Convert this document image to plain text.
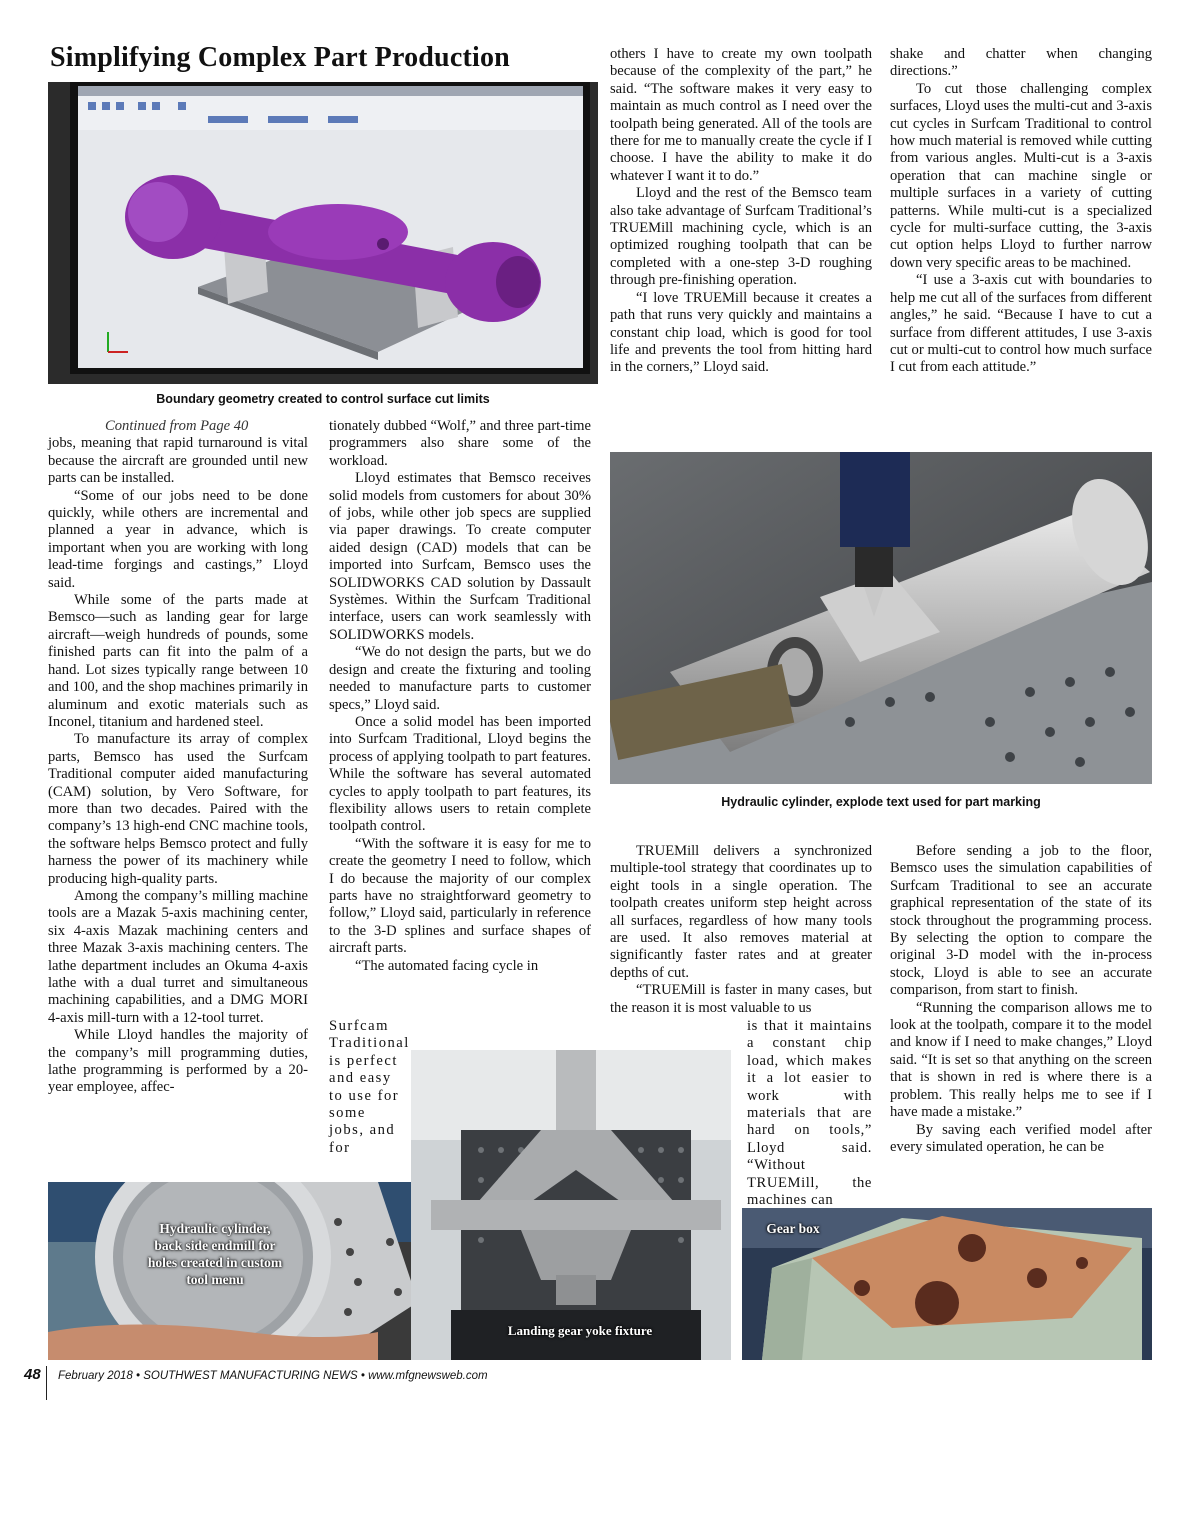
Simplifying Complex Part Production
Boundary geometry created to control surface cut limits

Continued from Page 40

jobs, meaning that rapid turnaround is vital because the aircraft are grounded until new parts can be installed.

“Some of our jobs need to be done quickly, while others are incremental and planned a year in advance, which is important when you are working with long lead-time forgings and castings,” Lloyd said.

While some of the parts made at Bemsco—such as landing gear for large aircraft—weigh hundreds of pounds, some finished parts can fit into the palm of a hand. Lot sizes typically range between 10 and 100, and the shop machines primarily in aluminum and exotic materials such as Inconel, titanium and hardened steel.

To manufacture its array of complex parts, Bemsco has used the Surfcam Traditional computer aided manufacturing (CAM) solution, by Vero Software, for more than two decades. Paired with the company’s 13 high-end CNC machine tools, the software helps Bemsco protect and fully harness the power of its machinery while producing high-quality parts.

Among the company’s milling machine tools are a Mazak 5-axis machining center, six 4-axis Mazak machining centers and three Mazak 3-axis machining centers. The lathe department includes an Okuma 4-axis lathe with a dual turret and simultaneous machining capabilities, and a DMG MORI 4-axis mill-turn with a 12-tool turret.

While Lloyd handles the majority of the company’s mill programming duties, lathe programming is performed by a 20-year employee, affec-

tionately dubbed “Wolf,” and three part-time programmers also share some of the workload.

Lloyd estimates that Bemsco receives solid models from customers for about 30% of jobs, while other job specs are supplied via paper drawings. To create computer aided design (CAD) models that can be imported into Surfcam, Bemsco uses the SOLIDWORKS CAD solution by Dassault Systèmes. Within the Surfcam Traditional interface, users can work seamlessly with SOLIDWORKS models.

“We do not design the parts, but we do design and create the fixturing and tooling needed to manufacture parts to customer specs,” Lloyd said.

Once a solid model has been imported into Surfcam Traditional, Lloyd begins the process of applying toolpath to part features. While the software has several automated cycles to apply toolpath to part features, its flexibility allows users to retain complete toolpath control.

“With the software it is easy for me to create the geometry I need to follow, which I do because the majority of our complex parts have no straightforward geometry to follow,” Lloyd said, particularly in reference to the 3-D splines and surface shapes of aircraft parts.

“The automated facing cycle in

Surfcam Traditional is perfect and easy to use for some jobs, and for

others I have to create my own toolpath because of the complexity of the part,” he said. “The software makes it very easy to maintain as much control as I need over the toolpath being generated. All of the tools are there for me to manually create the cycle if I choose. I have the ability to make it do whatever I want it to do.”

Lloyd and the rest of the Bemsco team also take advantage of Surfcam Traditional’s TRUEMill machining cycle, which is an optimized roughing toolpath that can be completed with a one-step 3-D roughing through pre-finishing operation.

“I love TRUEMill because it creates a path that runs very quickly and maintains a constant chip load, which is good for tool life and prevents the tool from hitting hard in the corners,” Lloyd said.

shake and chatter when changing directions.”

To cut those challenging complex surfaces, Lloyd uses the multi-cut and 3-axis cut cycles in Surfcam Traditional to control how much material is removed while cutting from various angles. Multi-cut is a 3-axis operation that can machine single or multiple surfaces in a variety of cutting patterns. While multi-cut is a specialized cycle for multi-surface cutting, the 3-axis cut option helps Lloyd to further narrow down very specific areas to be machined.

“I use a 3-axis cut with boundaries to help me cut all of the surfaces from different angles,” he said. “Because I have to cut a surface from different attitudes, I use 3-axis cut or multi-cut to control how much surface I cut from each attitude.”

Hydraulic cylinder, explode text used for part marking

TRUEMill delivers a synchronized multiple-tool strategy that coordinates up to eight tools in a single operation. The toolpath creates uniform step height across all surfaces, regardless of how many tools are used. It also removes material at significantly faster rates and at greater depths of cut.

“TRUEMill is faster in many cases, but the reason it is most valuable to us

is that it maintains a constant chip load, which makes it a lot easier to work with materials that are hard on tools,” Lloyd said. “Without TRUEMill, the machines can

Before sending a job to the floor, Bemsco uses the simulation capabilities of Surfcam Traditional to see an accurate graphical representation of the state of its stock throughout the programming process. By selecting the option to compare the original 3-D model with the in-process stock, Lloyd is able to see an accurate comparison, from start to finish.

“Running the comparison allows me to look at the toolpath, compare it to the model and know if I need to make changes,” Lloyd said. “It is set so that anything on the screen that is shown in red is where there is a problem. This really helps me to see if I have made a mistake.”

By saving each verified model after every simulated operation, he can be

Hydraulic cylinder, back side endmill for holes created in custom tool menu
Landing gear yoke fixture
Gear box
48 February 2018 • SOUTHWEST MANUFACTURING NEWS • www.mfgnewsweb.com
